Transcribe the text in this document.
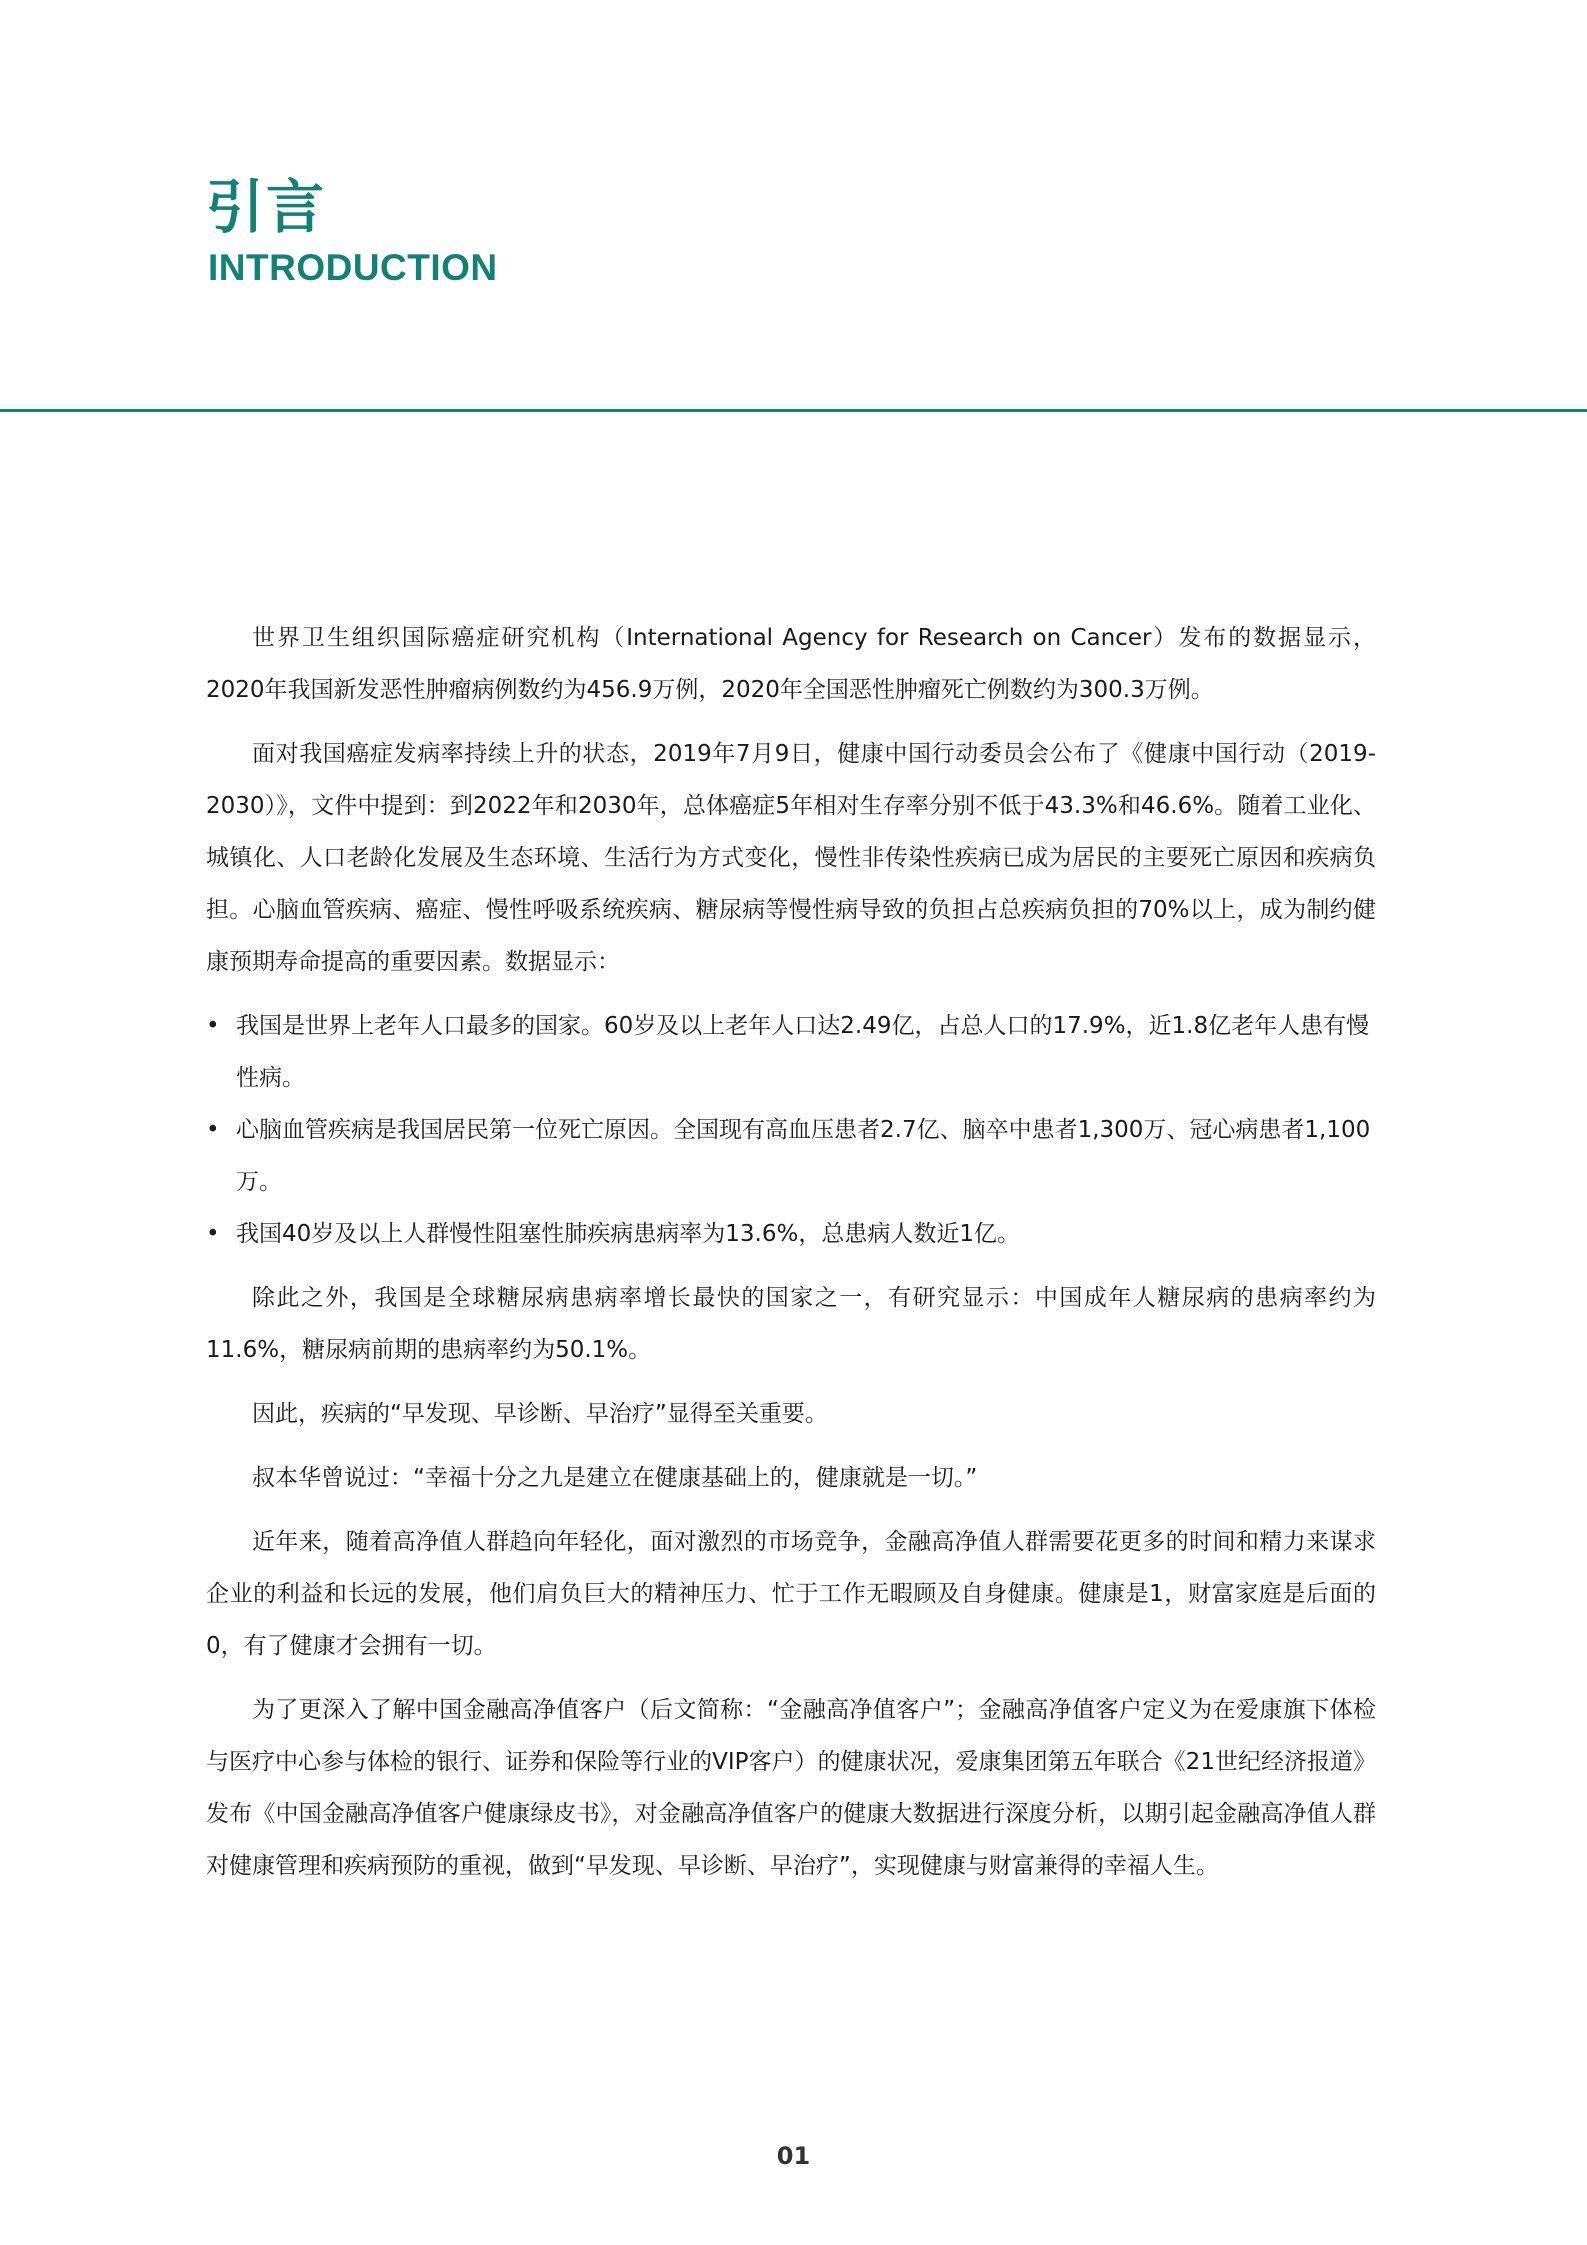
引言
INTRODUCTION

世界卫生组织国际癌症研究机构（International Agency for Research on Cancer）发布的数据显示，2020年我国新发恶性肿瘤病例数约为456.9万例，2020年全国恶性肿瘤死亡例数约为300.3万例。

面对我国癌症发病率持续上升的状态，2019年7月9日，健康中国行动委员会公布了《健康中国行动（2019-2030）》，文件中提到：到2022年和2030年，总体癌症5年相对生存率分别不低于43.3%和46.6%。随着工业化、城镇化、人口老龄化发展及生态环境、生活行为方式变化，慢性非传染性疾病已成为居民的主要死亡原因和疾病负担。心脑血管疾病、癌症、慢性呼吸系统疾病、糖尿病等慢性病导致的负担占总疾病负担的70%以上，成为制约健康预期寿命提高的重要因素。数据显示：

• 我国是世界上老年人口最多的国家。60岁及以上老年人口达2.49亿，占总人口的17.9%，近1.8亿老年人患有慢性病。
• 心脑血管疾病是我国居民第一位死亡原因。全国现有高血压患者2.7亿、脑卒中患者1,300万、冠心病患者1,100万。
• 我国40岁及以上人群慢性阻塞性肺疾病患病率为13.6%，总患病人数近1亿。

除此之外，我国是全球糖尿病患病率增长最快的国家之一，有研究显示：中国成年人糖尿病的患病率约为11.6%，糖尿病前期的患病率约为50.1%。

因此，疾病的“早发现、早诊断、早治疗”显得至关重要。

叔本华曾说过：“幸福十分之九是建立在健康基础上的，健康就是一切。”

近年来，随着高净值人群趋向年轻化，面对激烈的市场竞争，金融高净值人群需要花更多的时间和精力来谋求企业的利益和长远的发展，他们肩负巨大的精神压力、忙于工作无暇顾及自身健康。健康是1，财富家庭是后面的0，有了健康才会拥有一切。

为了更深入了解中国金融高净值客户（后文简称：“金融高净值客户”；金融高净值客户定义为在爱康旗下体检与医疗中心参与体检的银行、证券和保险等行业的VIP客户）的健康状况，爱康集团第五年联合《21世纪经济报道》发布《中国金融高净值客户健康绿皮书》，对金融高净值客户的健康大数据进行深度分析，以期引起金融高净值人群对健康管理和疾病预防的重视，做到“早发现、早诊断、早治疗”，实现健康与财富兼得的幸福人生。

01
